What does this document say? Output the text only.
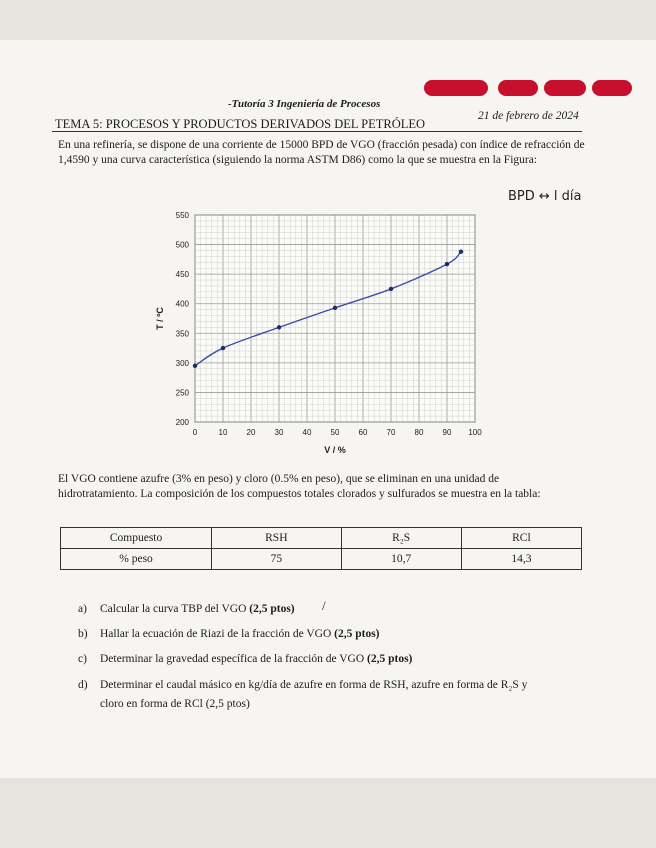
-Tutoría 3 Ingeniería de Procesos
21 de febrero de 2024
TEMA 5: PROCESOS Y PRODUCTOS DERIVADOS DEL PETRÓLEO
En una refinería, se dispone de una corriente de 15000 BPD de VGO (fracción pesada) con índice de refracción de 1,4590 y una curva característica (siguiendo la norma ASTM D86) como la que se muestra en la Figura:
BPD ↔ l día
0	10 20 30 40 50 60 70 80 90 100
200
250
300
350
400
450
500
550
V / %
T / ºC
El VGO contiene azufre (3% en peso) y cloro (0.5% en peso), que se eliminan en una unidad de hidrotratamiento. La composición de los compuestos totales clorados y sulfurados se muestra en la tabla:
Compuesto	RSH	R₂S	RCl
% peso	75	10,7	14,3
a) Calcular la curva TBP del VGO (2,5 ptos) /
b) Hallar la ecuación de Riazi de la fracción de VGO (2,5 ptos)
c) Determinar la gravedad específica de la fracción de VGO (2,5 ptos)
d) Determinar el caudal másico en kg/día de azufre en forma de RSH, azufre en forma de R₂S y
cloro en forma de RCl (2,5 ptos)
